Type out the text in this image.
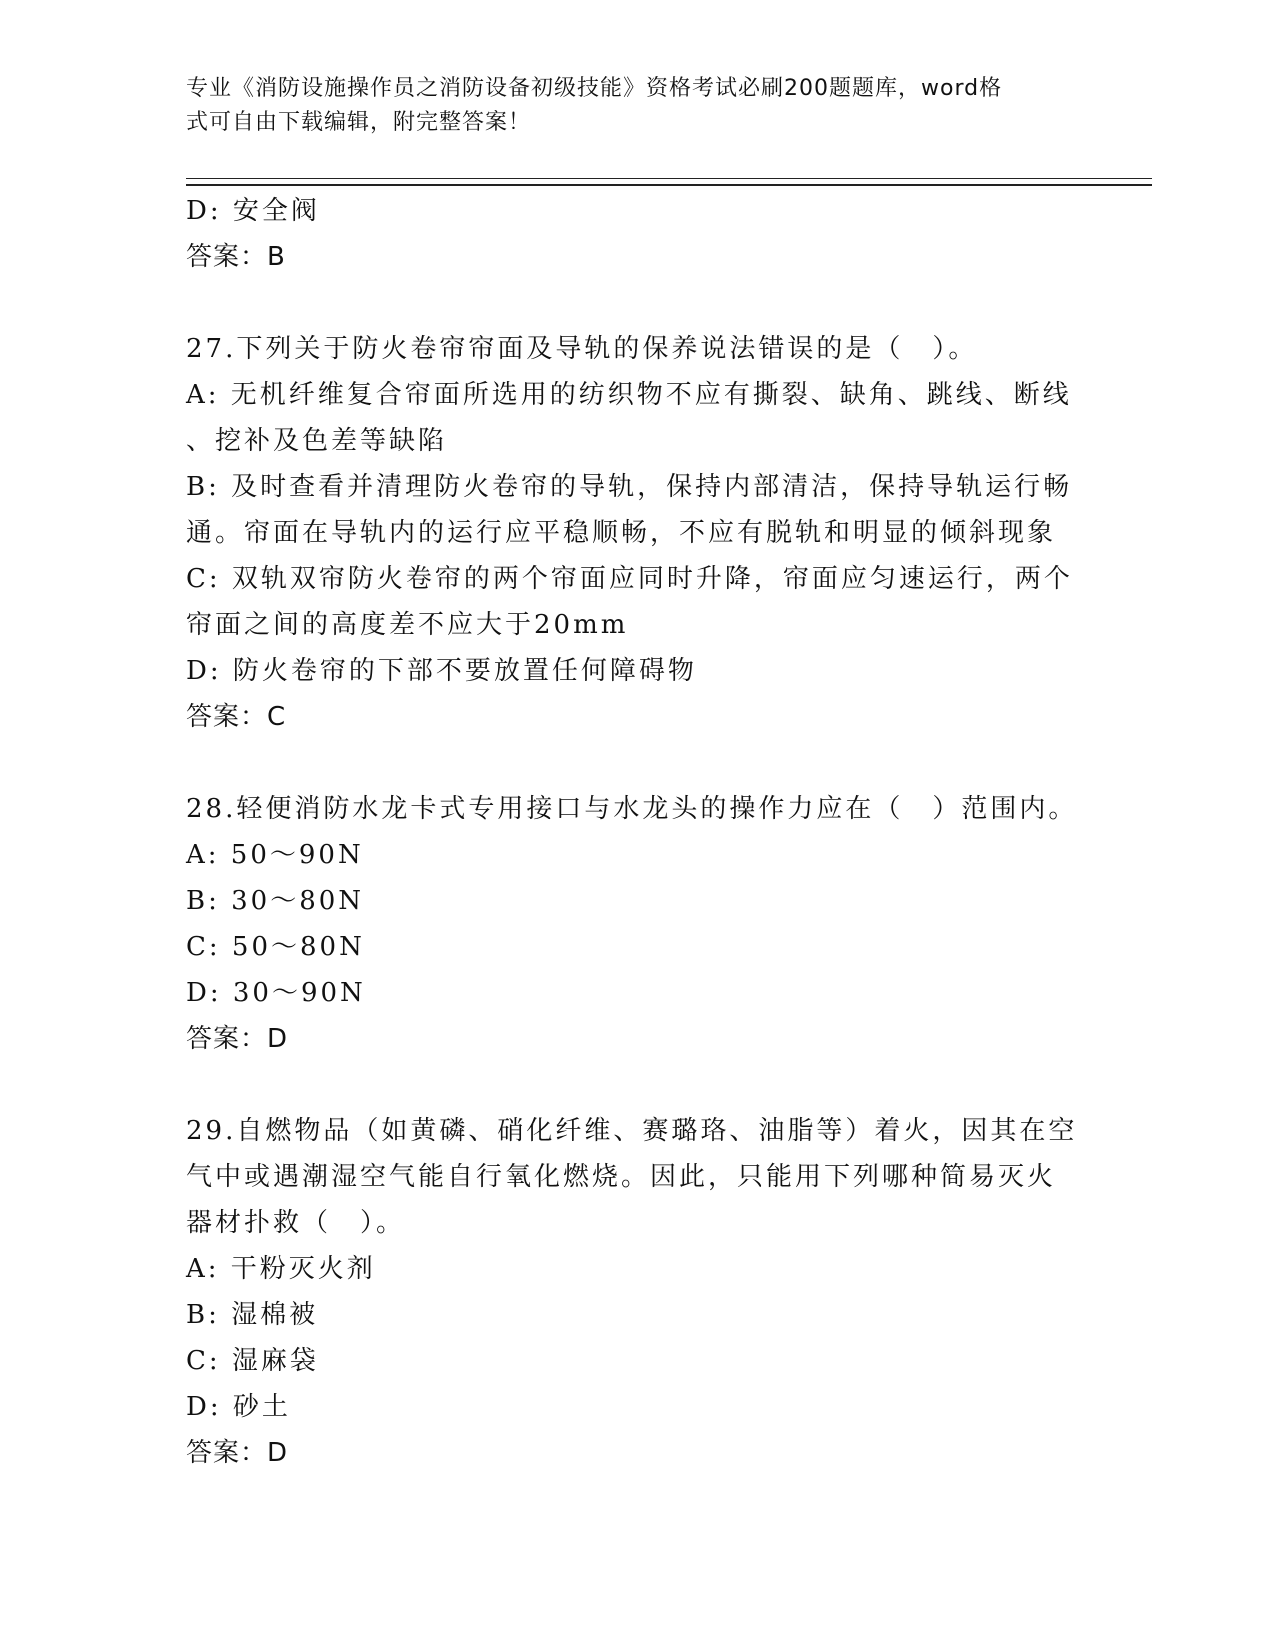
专业《消防设施操作员之消防设备初级技能》资格考试必刷200题题库，word格
式可自由下载编辑，附完整答案！
D: 安全阀
答案：B
27.下列关于防火卷帘帘面及导轨的保养说法错误的是（　）。
A: 无机纤维复合帘面所选用的纺织物不应有撕裂、缺角、跳线、断线
、挖补及色差等缺陷
B: 及时查看并清理防火卷帘的导轨，保持内部清洁，保持导轨运行畅
通。帘面在导轨内的运行应平稳顺畅，不应有脱轨和明显的倾斜现象
C: 双轨双帘防火卷帘的两个帘面应同时升降，帘面应匀速运行，两个
帘面之间的高度差不应大于20mm
D: 防火卷帘的下部不要放置任何障碍物
答案：C
28.轻便消防水龙卡式专用接口与水龙头的操作力应在（　）范围内。
A: 50～90N
B: 30～80N
C: 50～80N
D: 30～90N
答案：D
29.自燃物品（如黄磷、硝化纤维、赛璐珞、油脂等）着火，因其在空
气中或遇潮湿空气能自行氧化燃烧。因此，只能用下列哪种简易灭火
器材扑救（　）。
A: 干粉灭火剂
B: 湿棉被
C: 湿麻袋
D: 砂土
答案：D
